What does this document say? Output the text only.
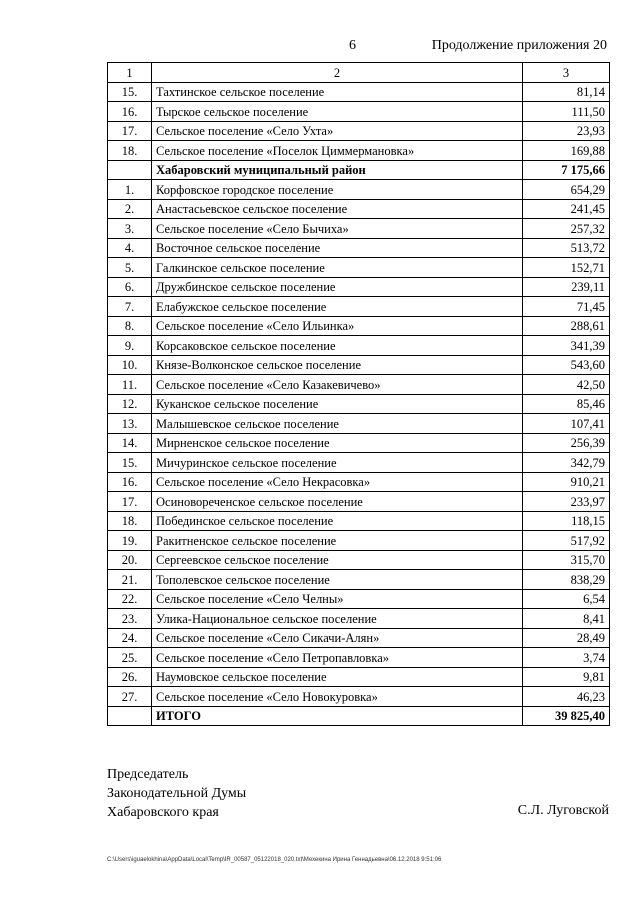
6	Продолжение приложения 20
1	2	3
15.	Тахтинское сельское поселение	81,14
16.	Тырское сельское поселение	111,50
17.	Сельское поселение «Село Ухта»	23,93
18.	Сельское поселение «Поселок Циммермановка»	169,88
	Хабаровский муниципальный район	7 175,66
1.	Корфовское городское поселение	654,29
2.	Анастасьевское сельское поселение	241,45
3.	Сельское поселение «Село Бычиха»	257,32
4.	Восточное сельское поселение	513,72
5.	Галкинское сельское поселение	152,71
6.	Дружбинское сельское поселение	239,11
7.	Елабужское сельское поселение	71,45
8.	Сельское поселение «Село Ильинка»	288,61
9.	Корсаковское сельское поселение	341,39
10.	Князе-Волконское сельское поселение	543,60
11.	Сельское поселение «Село Казакевичево»	42,50
12.	Куканское сельское поселение	85,46
13.	Малышевское сельское поселение	107,41
14.	Мирненское сельское поселение	256,39
15.	Мичуринское сельское поселение	342,79
16.	Сельское поселение «Село Некрасовка»	910,21
17.	Осиновореченское сельское поселение	233,97
18.	Побединское сельское поселение	118,15
19.	Ракитненское сельское поселение	517,92
20.	Сергеевское сельское поселение	315,70
21.	Тополевское сельское поселение	838,29
22.	Сельское поселение «Село Челны»	6,54
23.	Улика-Национальное сельское поселение	8,41
24.	Сельское поселение «Село Сикачи-Алян»	28,49
25.	Сельское поселение «Село Петропавловка»	3,74
26.	Наумовское сельское поселение	9,81
27.	Сельское поселение «Село Новокуровка»	46,23
	ИТОГО	39 825,40
Председатель
Законодательной Думы
Хабаровского края	С.Л. Луговской
C:\Users\iguaelokhina\AppData\Local\Temp\IR_00587_05122018_020.txt\Мехекина Ирина Геннадьевна\06.12.2018 9:51:06
